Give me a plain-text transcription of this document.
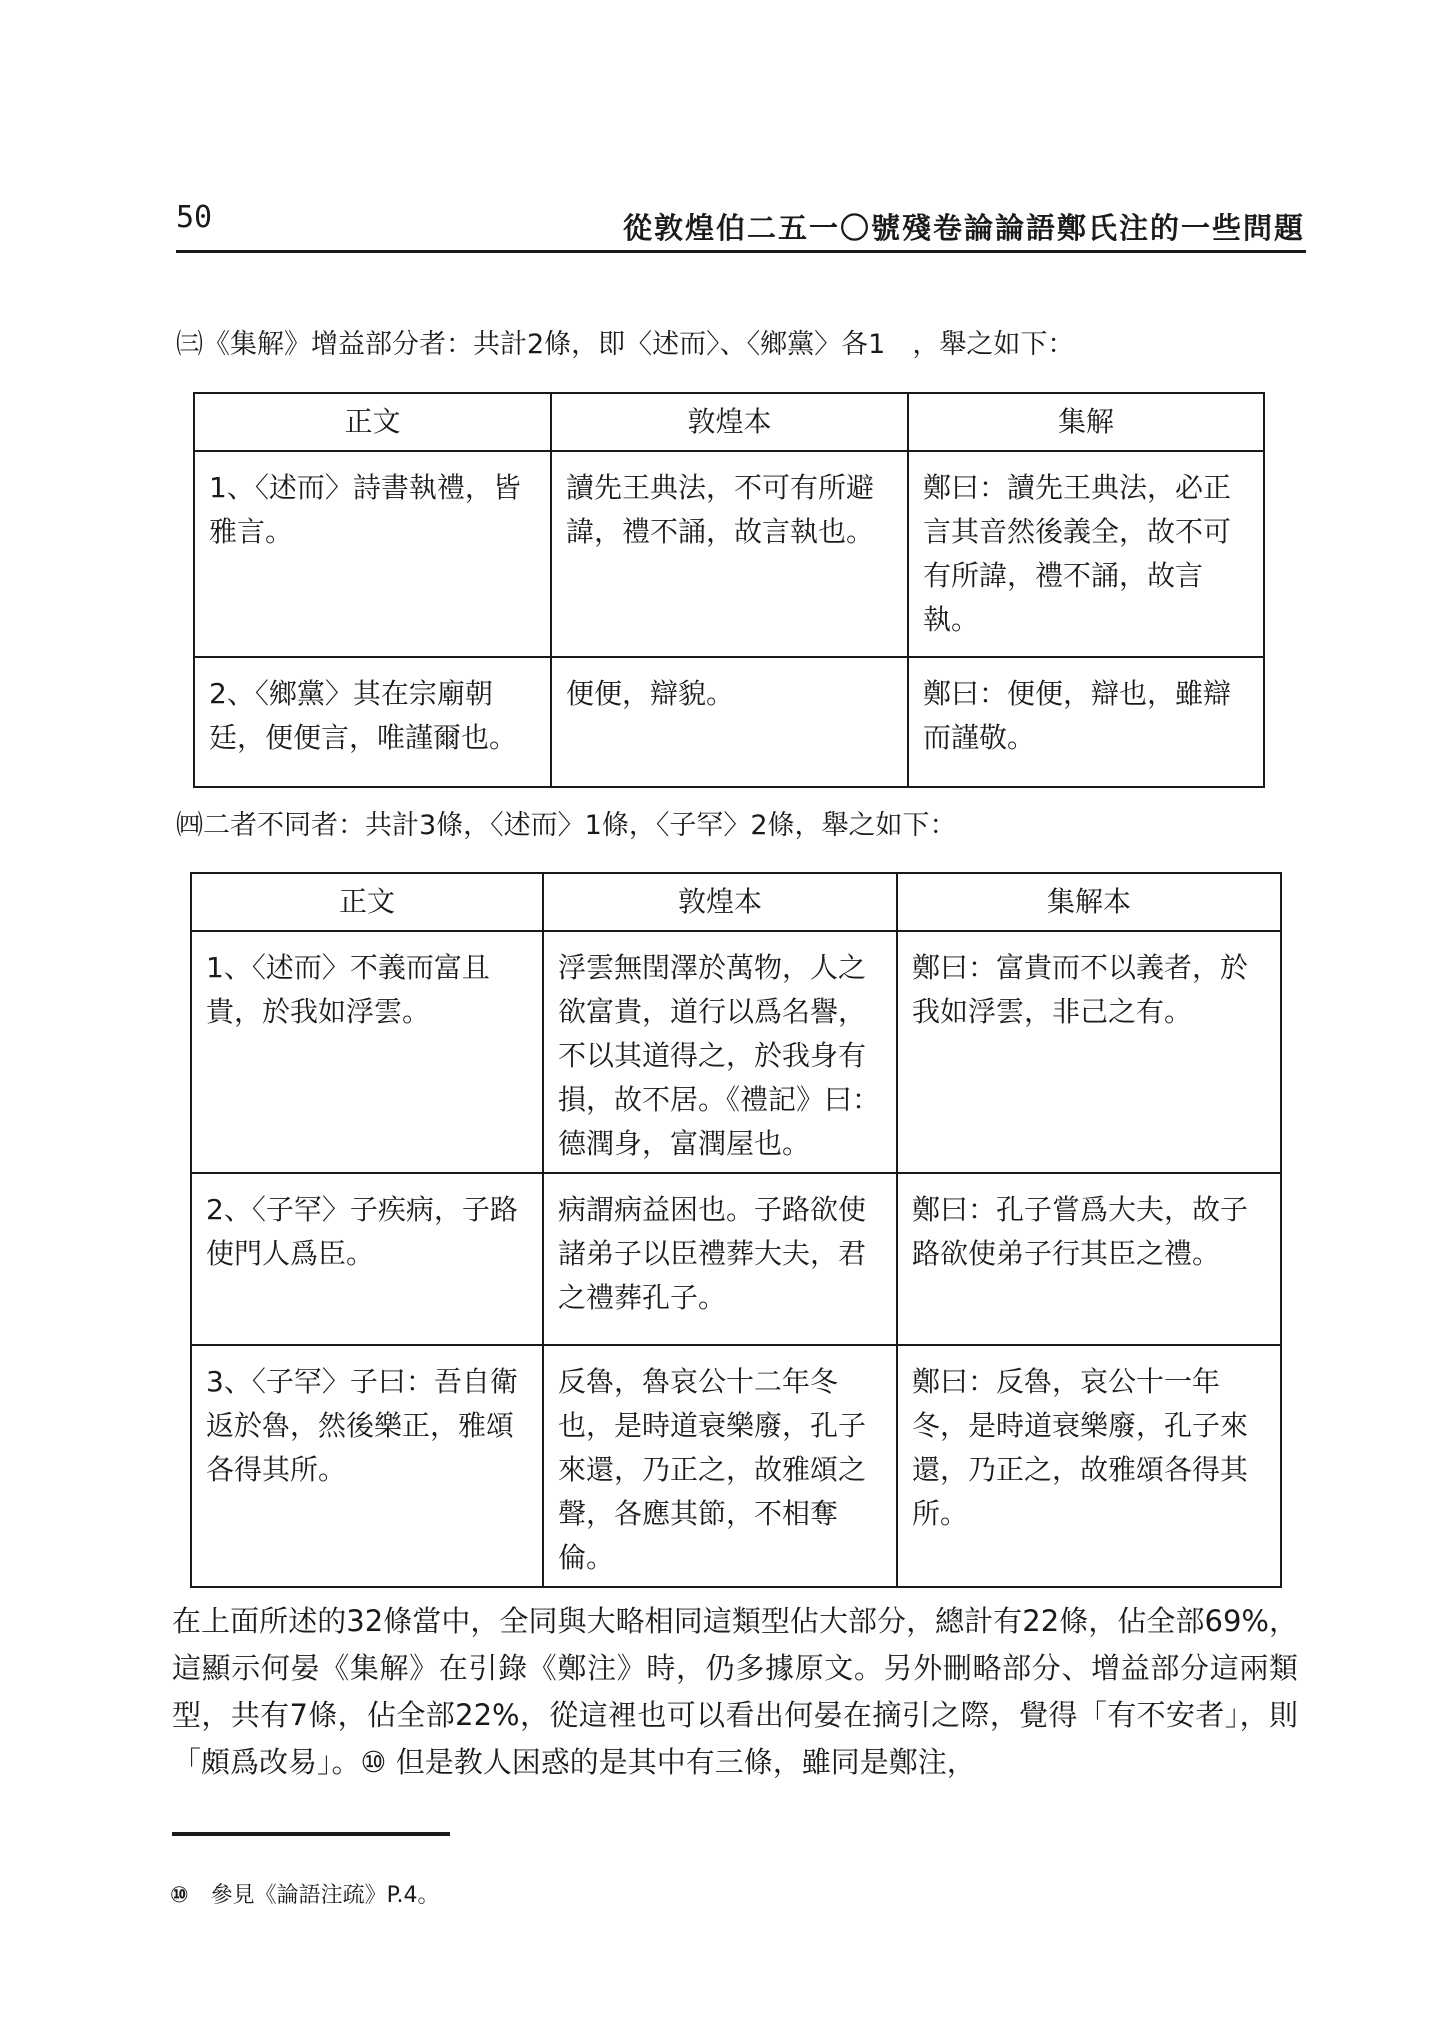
50	從敦煌伯二五一〇號殘卷論論語鄭氏注的一些問題
㈢《集解》增益部分者：共計2條，即〈述而〉、〈鄉黨〉各1　，舉之如下：
正文	敦煌本	集解
1、〈述而〉詩書執禮，皆雅言。	讀先王典法，不可有所避諱，禮不誦，故言執也。	鄭曰：讀先王典法，必正言其音然後義全，故不可有所諱，禮不誦，故言執。
2、〈鄉黨〉其在宗廟朝廷，便便言，唯謹爾也。	便便，辯貌。	鄭曰：便便，辯也，雖辯而謹敬。
㈣二者不同者：共計3條，〈述而〉1條，〈子罕〉2條，舉之如下：
正文	敦煌本	集解本
1、〈述而〉不義而富且貴，於我如浮雲。	浮雲無閏澤於萬物，人之欲富貴，道行以爲名譽，不以其道得之，於我身有損，故不居。《禮記》曰：德潤身，富潤屋也。	鄭曰：富貴而不以義者，於我如浮雲，非己之有。
2、〈子罕〉子疾病，子路使門人爲臣。	病謂病益困也。子路欲使諸弟子以臣禮葬大夫，君之禮葬孔子。	鄭曰：孔子嘗爲大夫，故子路欲使弟子行其臣之禮。
3、〈子罕〉子曰：吾自衛返於魯，然後樂正，雅頌各得其所。	反魯，魯哀公十二年冬也，是時道衰樂廢，孔子來還，乃正之，故雅頌之聲，各應其節，不相奪倫。	鄭曰：反魯，哀公十一年冬，是時道衰樂廢，孔子來還，乃正之，故雅頌各得其所。
在上面所述的32條當中，全同與大略相同這類型佔大部分，總計有22條，佔全部69%，這顯示何晏《集解》在引錄《鄭注》時，仍多據原文。另外刪略部分、增益部分這兩類型，共有7條，佔全部22%，從這裡也可以看出何晏在摘引之際，覺得「有不安者」，則「頗爲改易」。⑩ 但是教人困惑的是其中有三條，雖同是鄭注，
⑩ 參見《論語注疏》P.4。
